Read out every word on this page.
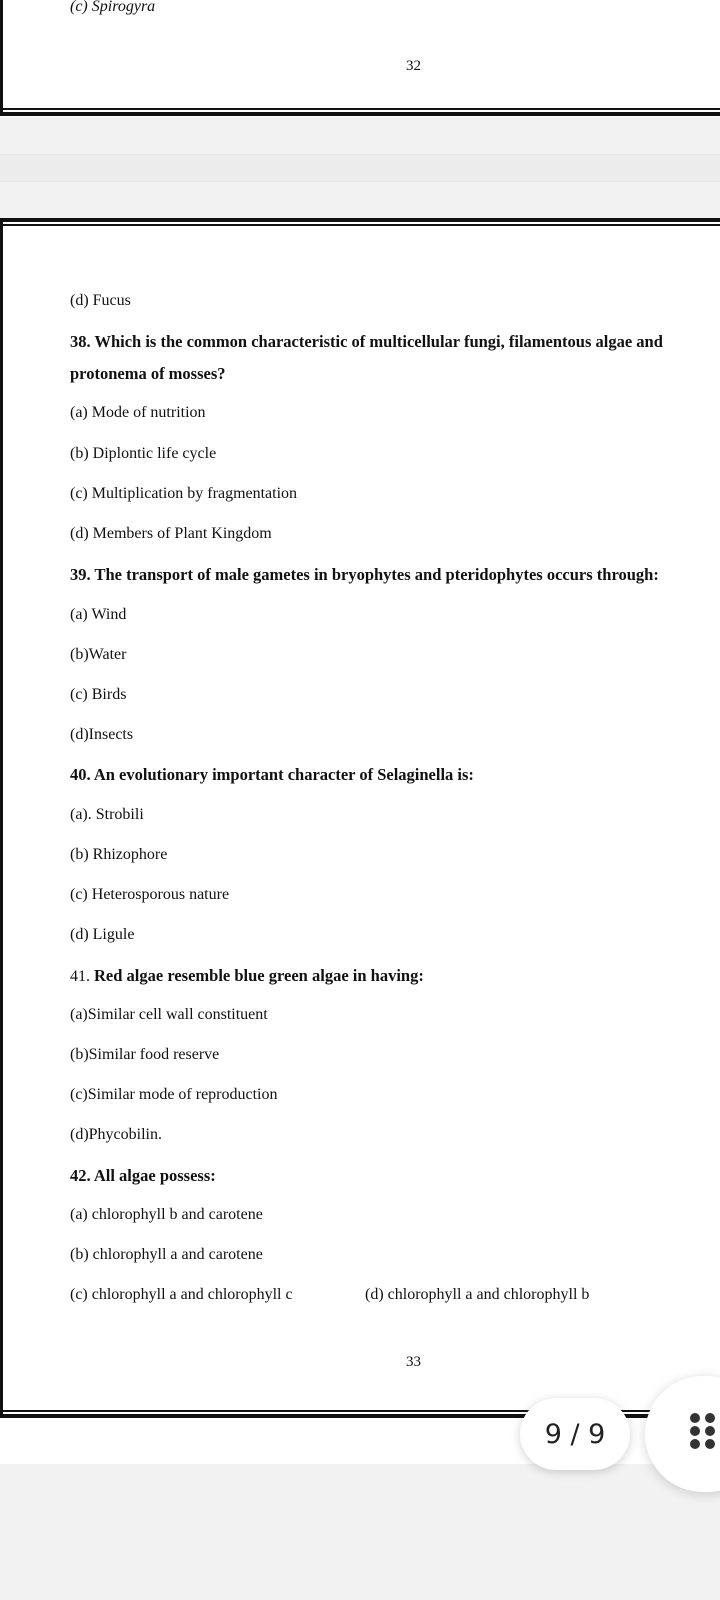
(c) Spirogyra
32
(d) Fucus
38. Which is the common characteristic of multicellular fungi, filamentous algae and
protonema of mosses?
(a) Mode of nutrition
(b) Diplontic life cycle
(c) Multiplication by fragmentation
(d) Members of Plant Kingdom
39. The transport of male gametes in bryophytes and pteridophytes occurs through:
(a) Wind
(b)Water
(c) Birds
(d)Insects
40. An evolutionary important character of Selaginella is:
(a). Strobili
(b) Rhizophore
(c) Heterosporous nature
(d) Ligule
41. Red algae resemble blue green algae in having:
(a)Similar cell wall constituent
(b)Similar food reserve
(c)Similar mode of reproduction
(d)Phycobilin.
42. All algae possess:
(a) chlorophyll b and carotene
(b) chlorophyll a and carotene
(c) chlorophyll a and chlorophyll c	(d) chlorophyll a and chlorophyll b
33
9 / 9
